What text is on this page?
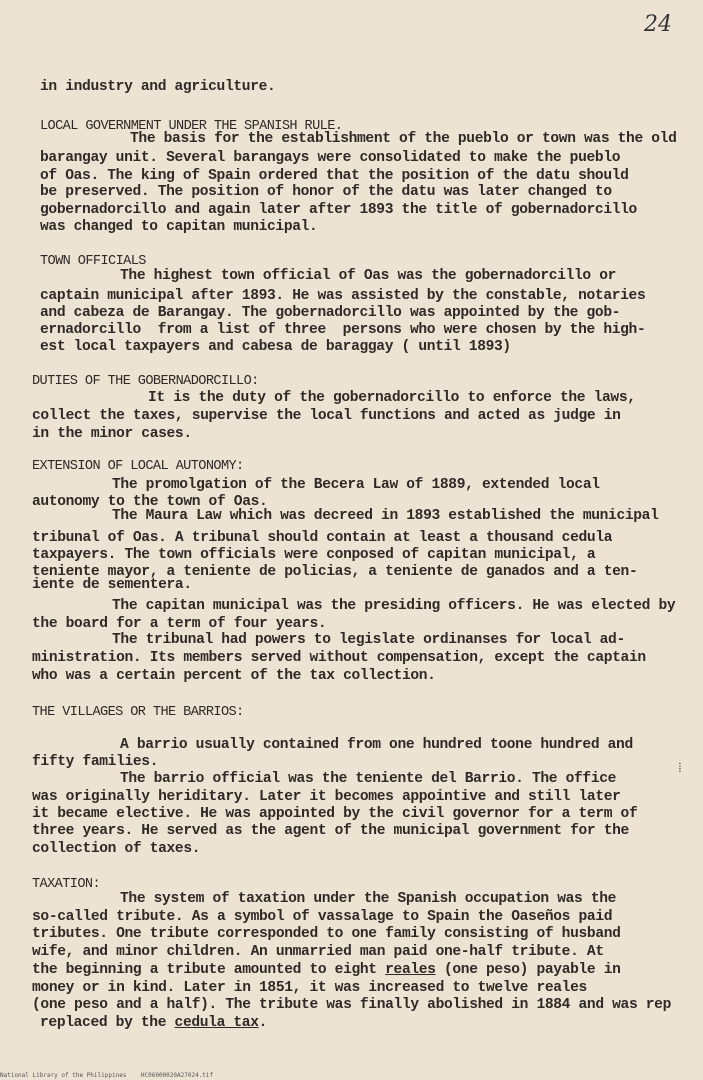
24
in industry and agriculture.
LOCAL GOVERNMENT UNDER THE SPANISH RULE.
The basis for the establishment of the pueblo or town was the old
barangay unit. Several barangays were consolidated to make the pueblo
of Oas. The king of Spain ordered that the position of the datu should
be preserved. The position of honor of the datu was later changed to
gobernadorcillo and again later after 1893 the title of gobernadorcillo
was changed to capitan municipal.
TOWN OFFICIALS
The highest town official of Oas was the gobernadorcillo or
captain municipal after 1893. He was assisted by the constable, notaries
and cabeza de Barangay. The gobernadorcillo was appointed by the gob-
ernadorcillo  from a list of three  persons who were chosen by the high-
est local taxpayers and cabesa de baraggay ( until 1893)
DUTIES OF THE GOBERNADORCILLO:
It is the duty of the gobernadorcillo to enforce the laws,
collect the taxes, supervise the local functions and acted as judge in
in the minor cases.
EXTENSION OF LOCAL AUTONOMY:
The promolgation of the Becera Law of 1889, extended local
autonomy to the town of Oas.
The Maura Law which was decreed in 1893 established the municipal
tribunal of Oas. A tribunal should contain at least a thousand cedula
taxpayers. The town officials were conposed of capitan municipal, a
teniente mayor, a teniente de policias, a teniente de ganados and a ten-
iente de sementera.
The capitan municipal was the presiding officers. He was elected by
the board for a term of four years.
The tribunal had powers to legislate ordinanses for local ad-
ministration. Its members served without compensation, except the captain
who was a certain percent of the tax collection.
THE VILLAGES OR THE BARRIOS:
A barrio usually contained from one hundred toone hundred and
fifty families.
The barrio official was the teniente del Barrio. The office
was originally heriditary. Later it becomes appointive and still later
it became elective. He was appointed by the civil governor for a term of
three years. He served as the agent of the municipal government for the
collection of taxes.
⁞
TAXATION:
The system of taxation under the Spanish occupation was the
so-called tribute. As a symbol of vassalage to Spain the Oaseños paid
tributes. One tribute corresponded to one family consisting of husband
wife, and minor children. An unmarried man paid one-half tribute. At
the beginning a tribute amounted to eight reales (one peso) payable in
money or in kind. Later in 1851, it was increased to twelve reales
(one peso and a half). The tribute was finally abolished in 1884 and was rep
replaced by the cedula tax.
National Library of the Philippines    HC06000020A27024.tif
